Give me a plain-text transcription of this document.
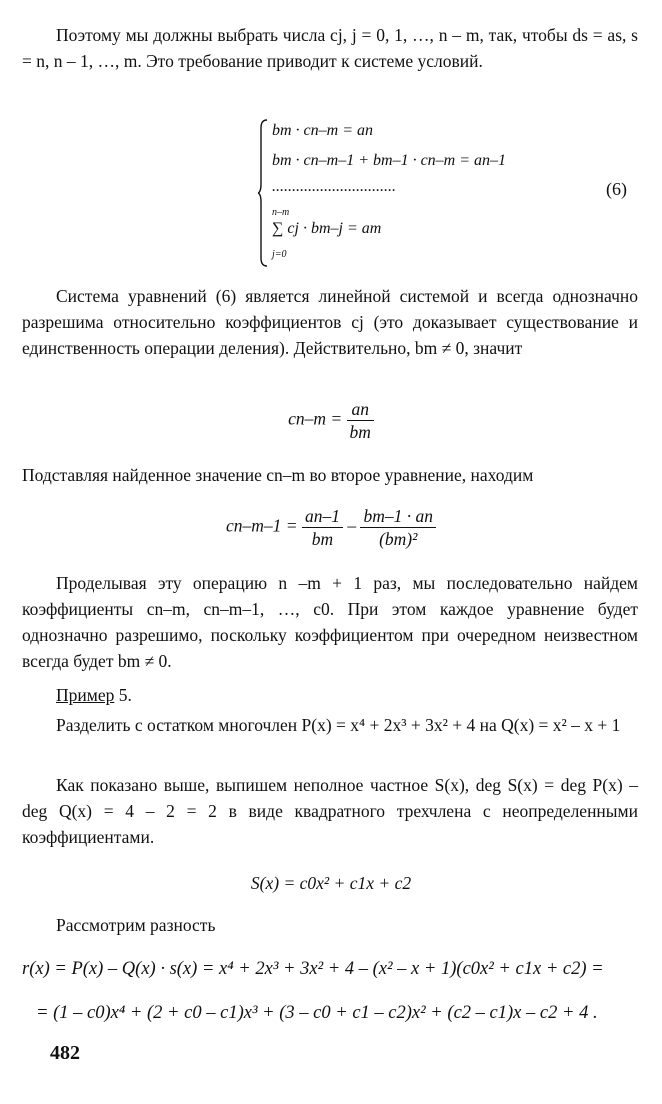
Поэтому мы должны выбрать числа cj, j = 0, 1, …, n – m, так, чтобы ds = as, s = n, n – 1, …, m. Это требование приводит к системе условий.
bm · cn–m = an
bm · cn–m–1 + bm–1 · cn–m = an–1
...............................
n–m
∑ cj · bm–j = am
j=0
(6)
Система уравнений (6) является линейной системой и всегда однозначно разрешима относительно коэффициентов cj (это доказывает существование и единственность операции деления). Действительно, bm ≠ 0, значит
$cn-m = \frac{an}{bm}$
Подставляя найденное значение cn–m во второе уравнение, находим
$cn-m-1 = \frac{an-1}{bm} - \frac{bm-1 \cdot an}{\text{(bm)²}}$
Проделывая эту операцию n –m + 1 раз, мы последовательно найдем коэффициенты cn–m, cn–m–1, …, c0. При этом каждое уравнение будет однозначно разрешимо, поскольку коэффициентом при очередном неизвестном всегда будет bm ≠ 0.
Пример 5.
Разделить с остатком многочлен P(x) = x⁴ + 2x³ + 3x² + 4 на Q(x) = x² – x + 1
Как показано выше, выпишем неполное частное S(x), deg S(x) = deg P(x) – deg Q(x) = 4 – 2 = 2 в виде квадратного трехчлена с неопределенными коэффициентами.
S(x) = c0x² + c1x + c2
Рассмотрим разность
r(x) = P(x) – Q(x) · s(x) = x⁴ + 2x³ + 3x² + 4 – (x² – x + 1)(c0x² + c1x + c2) =
= (1 – c0)x⁴ + (2 + c0 – c1)x³ + (3 – c0 + c1 – c2)x² + (c2 – c1)x – c2 + 4 .
482
